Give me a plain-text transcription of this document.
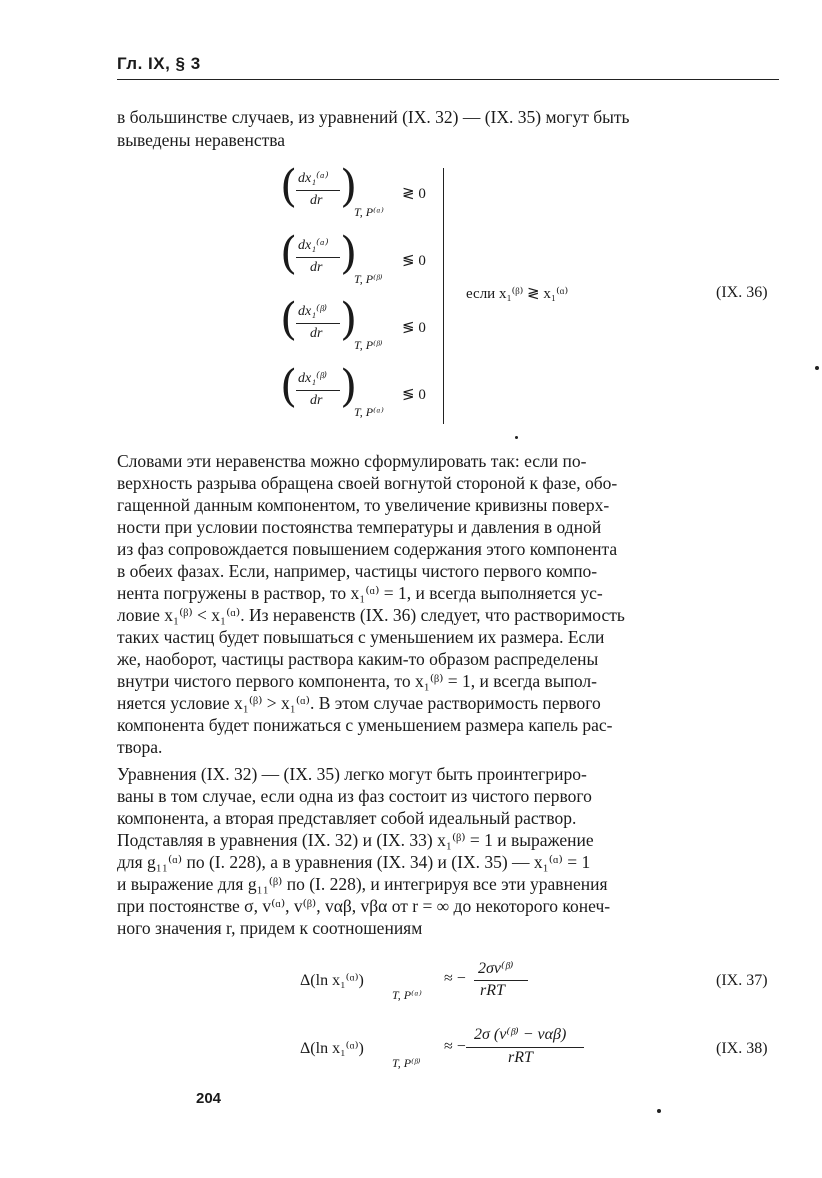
Гл. IX, § 3
в большинстве случаев, из уравнений (IX. 32) — (IX. 35) могут быть
выведены неравенства
( dx₁⁽ᵅ⁾
dr )
T, P⁽ᵅ⁾
≷ 0
( dx₁⁽ᵅ⁾
dr )
T, P⁽ᵝ⁾
≶ 0
( dx₁⁽ᵝ⁾
dr )
T, P⁽ᵝ⁾
≶ 0
( dx₁⁽ᵝ⁾
dr )
T, P⁽ᵅ⁾
≶ 0
если x₁⁽ᵝ⁾ ≷ x₁⁽ᵅ⁾	(IX. 36)
Словами эти неравенства можно сформулировать так: если по-
верхность разрыва обращена своей вогнутой стороной к фазе, обо-
гащенной данным компонентом, то увеличение кривизны поверх-
ности при условии постоянства температуры и давления в одной
из фаз сопровождается повышением содержания этого компонента
в обеих фазах. Если, например, частицы чистого первого компо-
нента погружены в раствор, то x₁⁽ᵅ⁾ = 1, и всегда выполняется ус-
ловие x₁⁽ᵝ⁾ < x₁⁽ᵅ⁾. Из неравенств (IX. 36) следует, что растворимость
таких частиц будет повышаться с уменьшением их размера. Если
же, наоборот, частицы раствора каким-то образом распределены
внутри чистого первого компонента, то x₁⁽ᵝ⁾ = 1, и всегда выпол-
няется условие x₁⁽ᵝ⁾ > x₁⁽ᵅ⁾. В этом случае растворимость первого
компонента будет понижаться с уменьшением размера капель рас-
твора.
Уравнения (IX. 32) — (IX. 35) легко могут быть проинтегриро-
ваны в том случае, если одна из фаз состоит из чистого первого
компонента, а вторая представляет собой идеальный раствор.
Подставляя в уравнения (IX. 32) и (IX. 33) x₁⁽ᵝ⁾ = 1 и выражение
для g₁₁⁽ᵅ⁾ по (I. 228), а в уравнения (IX. 34) и (IX. 35) — x₁⁽ᵅ⁾ = 1
и выражение для g₁₁⁽ᵝ⁾ по (I. 228), и интегрируя все эти уравнения
при постоянстве σ, v⁽ᵅ⁾, v⁽ᵝ⁾, vαβ, vβα от r = ∞ до некоторого конеч-
ного значения r, придем к соотношениям
Δ(ln x₁⁽ᵅ⁾)
T, P⁽ᵅ⁾
≈ −
2σv⁽ᵝ⁾
rRT
(IX. 37)
Δ(ln x₁⁽ᵅ⁾)
T, P⁽ᵝ⁾
≈ −
2σ (v⁽ᵝ⁾ − vαβ)
rRT
(IX. 38)
204
